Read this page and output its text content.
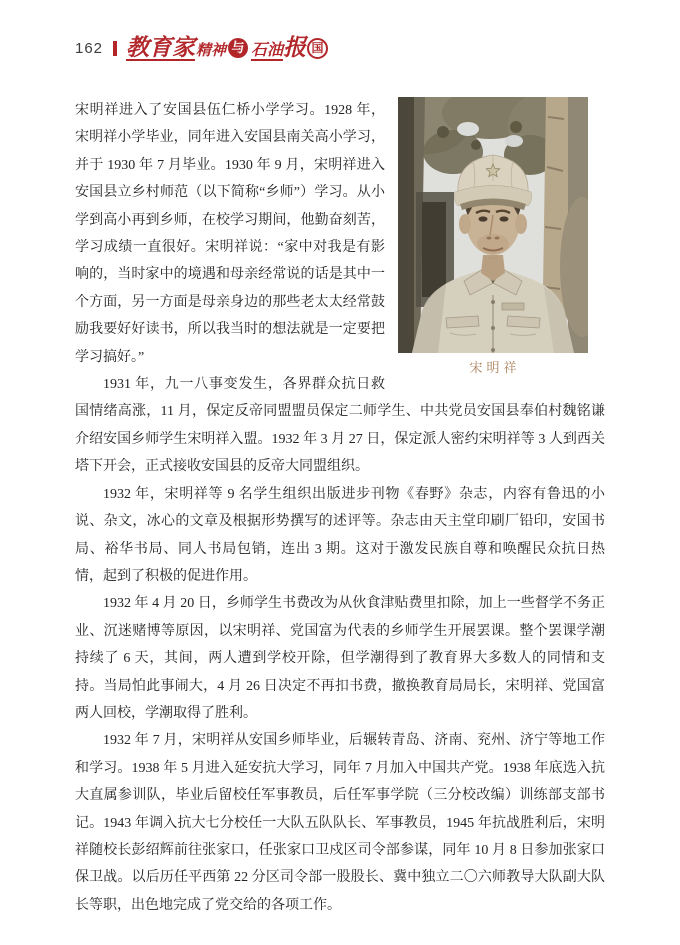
162 教育家 精神 与 石油 报 国
宋明祥

宋明祥进入了安国县伍仁桥小学学习。1928 年，宋明祥小学毕业，同年进入安国县南关高小学习，并于 1930 年 7 月毕业。1930 年 9 月，宋明祥进入安国县立乡村师范（以下简称“乡师”）学习。从小学到高小再到乡师，在校学习期间，他勤奋刻苦，学习成绩一直很好。宋明祥说：“家中对我是有影响的，当时家中的境遇和母亲经常说的话是其中一个方面，另一方面是母亲身边的那些老太太经常鼓励我要好好读书，所以我当时的想法就是一定要把学习搞好。”

1931 年，九一八事变发生，各界群众抗日救国情绪高涨，11 月，保定反帝同盟盟员保定二师学生、中共党员安国县奉伯村魏铭谦介绍安国乡师学生宋明祥入盟。1932 年 3 月 27 日，保定派人密约宋明祥等 3 人到西关塔下开会，正式接收安国县的反帝大同盟组织。

1932 年，宋明祥等 9 名学生组织出版进步刊物《春野》杂志，内容有鲁迅的小说、杂文，冰心的文章及根据形势撰写的述评等。杂志由天主堂印刷厂铅印，安国书局、裕华书局、同人书局包销，连出 3 期。这对于激发民族自尊和唤醒民众抗日热情，起到了积极的促进作用。

1932 年 4 月 20 日，乡师学生书费改为从伙食津贴费里扣除，加上一些督学不务正业、沉迷赌博等原因，以宋明祥、党国富为代表的乡师学生开展罢课。整个罢课学潮持续了 6 天，其间，两人遭到学校开除，但学潮得到了教育界大多数人的同情和支持。当局怕此事闹大，4 月 26 日决定不再扣书费，撤换教育局局长，宋明祥、党国富两人回校，学潮取得了胜利。

1932 年 7 月，宋明祥从安国乡师毕业，后辗转青岛、济南、兖州、济宁等地工作和学习。1938 年 5 月进入延安抗大学习，同年 7 月加入中国共产党。1938 年底选入抗大直属参训队，毕业后留校任军事教员，后任军事学院（三分校改编）训练部支部书记。1943 年调入抗大七分校任一大队五队队长、军事教员，1945 年抗战胜利后，宋明祥随校长彭绍辉前往张家口，任张家口卫戍区司令部参谋，同年 10 月 8 日参加张家口保卫战。以后历任平西第 22 分区司令部一股股长、冀中独立二〇六师教导大队副大队长等职，出色地完成了党交给的各项工作。
